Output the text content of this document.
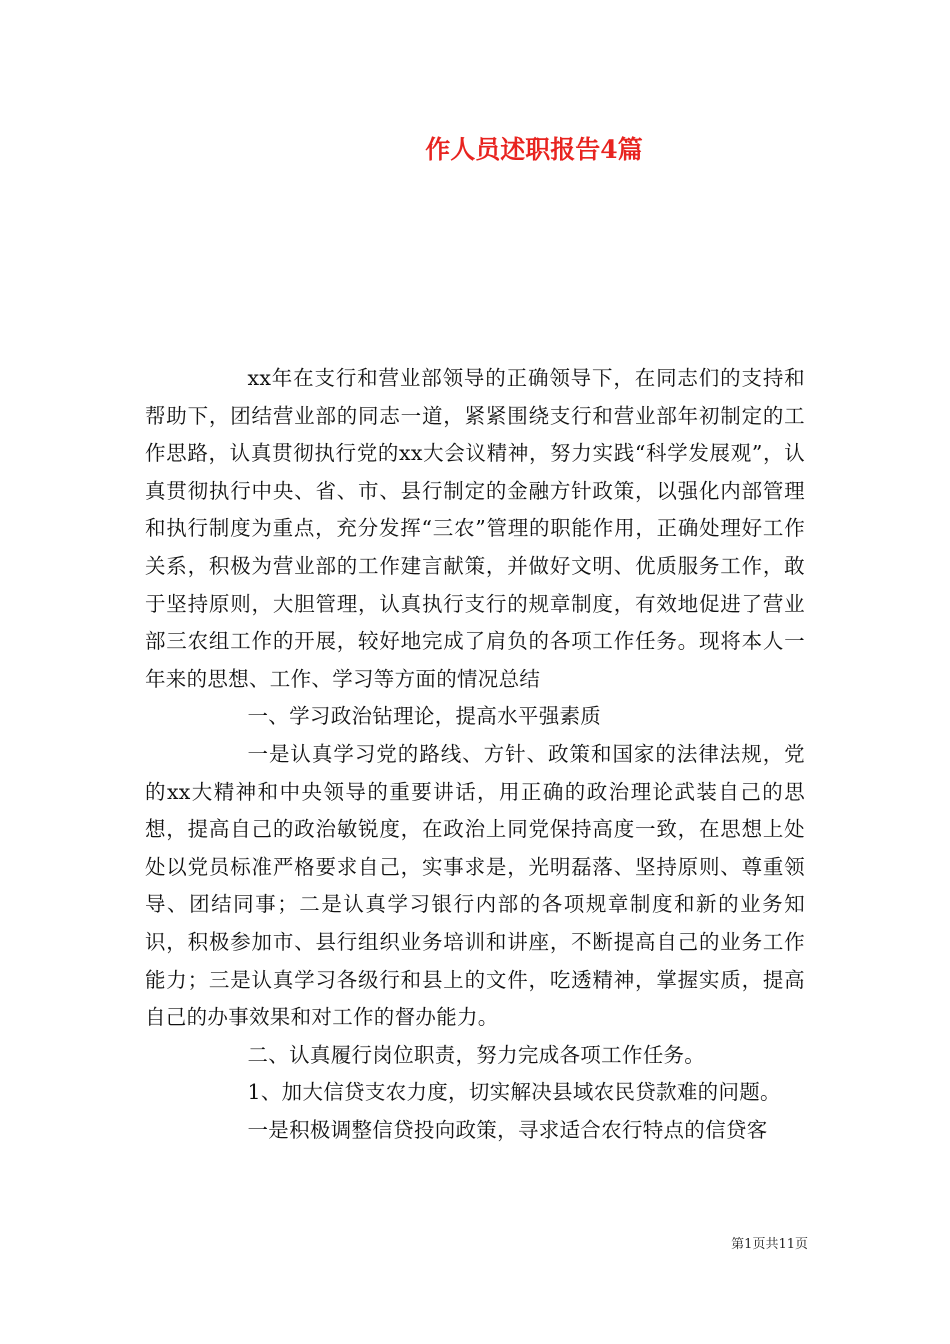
作人员述职报告4篇

xx年在支行和营业部领导的正确领导下，在同志们的支持和帮助下，团结营业部的同志一道，紧紧围绕支行和营业部年初制定的工作思路，认真贯彻执行党的xx大会议精神，努力实践“科学发展观”，认真贯彻执行中央、省、市、县行制定的金融方针政策，以强化内部管理和执行制度为重点，充分发挥“三农”管理的职能作用，正确处理好工作关系，积极为营业部的工作建言献策，并做好文明、优质服务工作，敢于坚持原则，大胆管理，认真执行支行的规章制度，有效地促进了营业部三农组工作的开展，较好地完成了肩负的各项工作任务。现将本人一年来的思想、工作、学习等方面的情况总结

一、学习政治钻理论，提高水平强素质

一是认真学习党的路线、方针、政策和国家的法律法规，党的xx大精神和中央领导的重要讲话，用正确的政治理论武装自己的思想，提高自己的政治敏锐度，在政治上同党保持高度一致，在思想上处处以党员标准严格要求自己，实事求是，光明磊落、坚持原则、尊重领导、团结同事；二是认真学习银行内部的各项规章制度和新的业务知识，积极参加市、县行组织业务培训和讲座，不断提高自己的业务工作能力；三是认真学习各级行和县上的文件，吃透精神，掌握实质，提高自己的办事效果和对工作的督办能力。

二、认真履行岗位职责，努力完成各项工作任务。

1、加大信贷支农力度，切实解决县域农民贷款难的问题。

一是积极调整信贷投向政策，寻求适合农行特点的信贷客

第1页共11页
